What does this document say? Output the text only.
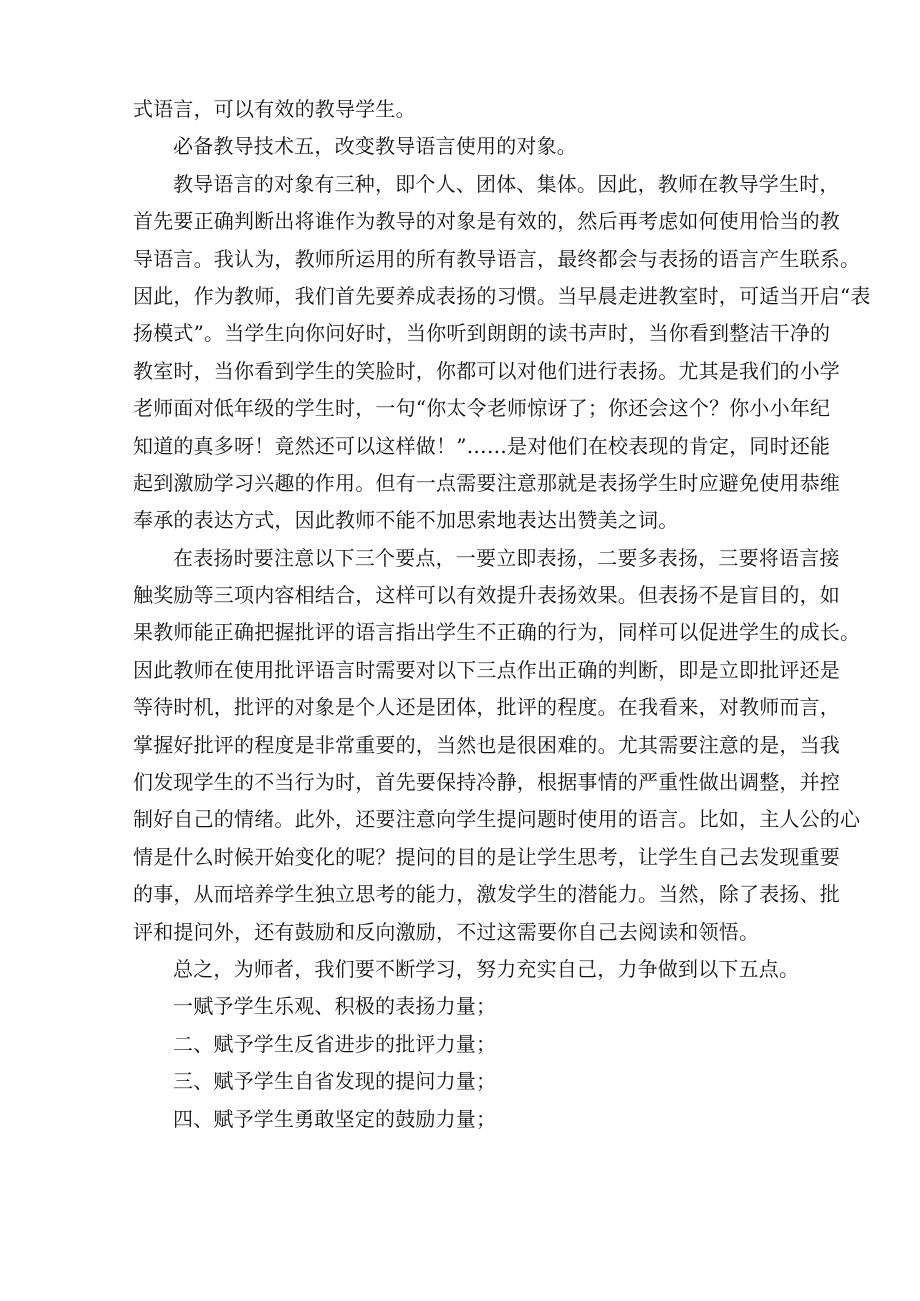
式语言，可以有效的教导学生。
必备教导技术五，改变教导语言使用的对象。
教导语言的对象有三种，即个人、团体、集体。因此，教师在教导学生时，
首先要正确判断出将谁作为教导的对象是有效的，然后再考虑如何使用恰当的教
导语言。我认为，教师所运用的所有教导语言，最终都会与表扬的语言产生联系。
因此，作为教师，我们首先要养成表扬的习惯。当早晨走进教室时，可适当开启“表
扬模式”。当学生向你问好时，当你听到朗朗的读书声时，当你看到整洁干净的
教室时，当你看到学生的笑脸时，你都可以对他们进行表扬。尤其是我们的小学
老师面对低年级的学生时，一句“你太令老师惊讶了；你还会这个？你小小年纪
知道的真多呀！竟然还可以这样做！”……是对他们在校表现的肯定，同时还能
起到激励学习兴趣的作用。但有一点需要注意那就是表扬学生时应避免使用恭维
奉承的表达方式，因此教师不能不加思索地表达出赞美之词。
在表扬时要注意以下三个要点，一要立即表扬，二要多表扬，三要将语言接
触奖励等三项内容相结合，这样可以有效提升表扬效果。但表扬不是盲目的，如
果教师能正确把握批评的语言指出学生不正确的行为，同样可以促进学生的成长。
因此教师在使用批评语言时需要对以下三点作出正确的判断，即是立即批评还是
等待时机，批评的对象是个人还是团体，批评的程度。在我看来，对教师而言，
掌握好批评的程度是非常重要的，当然也是很困难的。尤其需要注意的是，当我
们发现学生的不当行为时，首先要保持冷静，根据事情的严重性做出调整，并控
制好自己的情绪。此外，还要注意向学生提问题时使用的语言。比如，主人公的心
情是什么时候开始变化的呢？提问的目的是让学生思考，让学生自己去发现重要
的事，从而培养学生独立思考的能力，激发学生的潜能力。当然，除了表扬、批
评和提问外，还有鼓励和反向激励，不过这需要你自己去阅读和领悟。
总之，为师者，我们要不断学习，努力充实自己，力争做到以下五点。
一赋予学生乐观、积极的表扬力量；
二、赋予学生反省进步的批评力量；
三、赋予学生自省发现的提问力量；
四、赋予学生勇敢坚定的鼓励力量；
